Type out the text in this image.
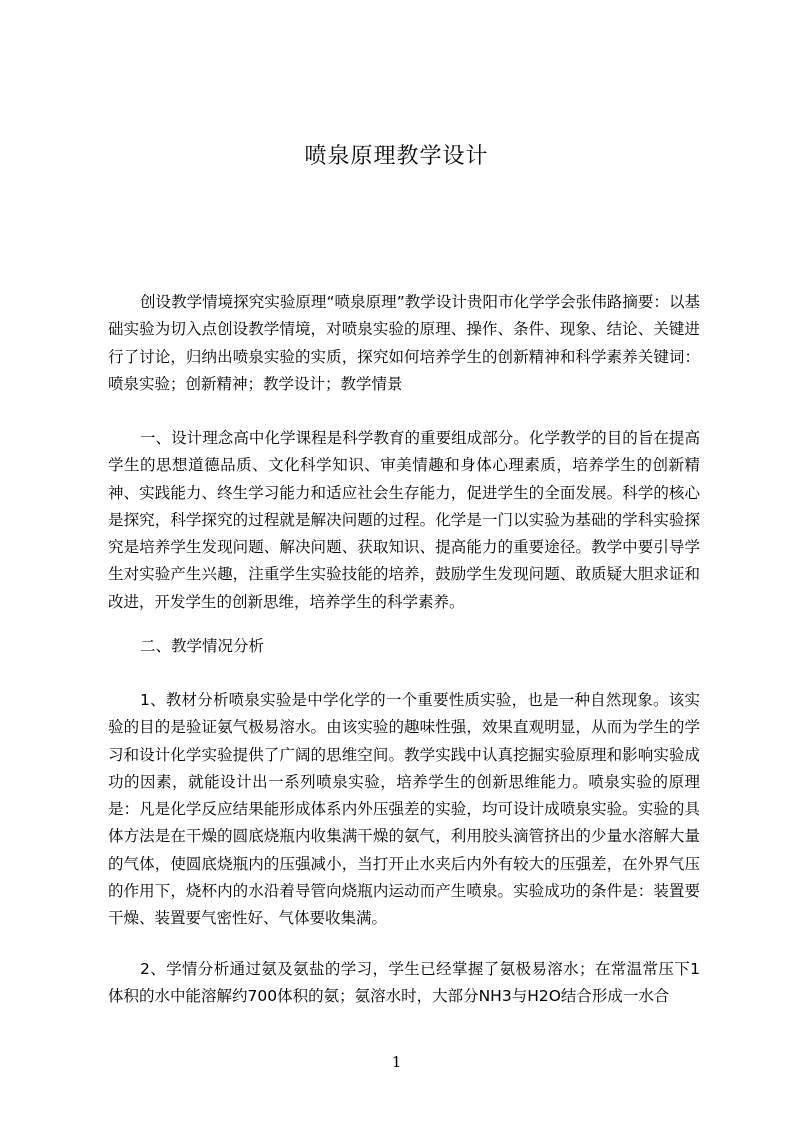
喷泉原理教学设计
创设教学情境探究实验原理“喷泉原理”教学设计贵阳市化学学会张伟路摘要：以基础实验为切入点创设教学情境，对喷泉实验的原理、操作、条件、现象、结论、关键进行了讨论，归纳出喷泉实验的实质，探究如何培养学生的创新精神和科学素养关键词：喷泉实验；创新精神；教学设计；教学情景
一、设计理念高中化学课程是科学教育的重要组成部分。化学教学的目的旨在提高学生的思想道德品质、文化科学知识、审美情趣和身体心理素质，培养学生的创新精神、实践能力、终生学习能力和适应社会生存能力，促进学生的全面发展。科学的核心是探究，科学探究的过程就是解决问题的过程。化学是一门以实验为基础的学科实验探究是培养学生发现问题、解决问题、获取知识、提高能力的重要途径。教学中要引导学生对实验产生兴趣，注重学生实验技能的培养，鼓励学生发现问题、敢质疑大胆求证和改进，开发学生的创新思维，培养学生的科学素养。
二、教学情况分析
1、教材分析喷泉实验是中学化学的一个重要性质实验，也是一种自然现象。该实验的目的是验证氨气极易溶水。由该实验的趣味性强，效果直观明显，从而为学生的学习和设计化学实验提供了广阔的思维空间。教学实践中认真挖掘实验原理和影响实验成功的因素，就能设计出一系列喷泉实验，培养学生的创新思维能力。喷泉实验的原理是：凡是化学反应结果能形成体系内外压强差的实验，均可设计成喷泉实验。实验的具体方法是在干燥的圆底烧瓶内收集满干燥的氨气，利用胶头滴管挤出的少量水溶解大量的气体，使圆底烧瓶内的压强减小，当打开止水夹后内外有较大的压强差，在外界气压的作用下，烧杯内的水沿着导管向烧瓶内运动而产生喷泉。实验成功的条件是：装置要干燥、装置要气密性好、气体要收集满。
2、学情分析通过氨及氨盐的学习，学生已经掌握了氨极易溶水；在常温常压下1体积的水中能溶解约700体积的氨；氨溶水时，大部分NH3与H2O结合形成一水合
1
